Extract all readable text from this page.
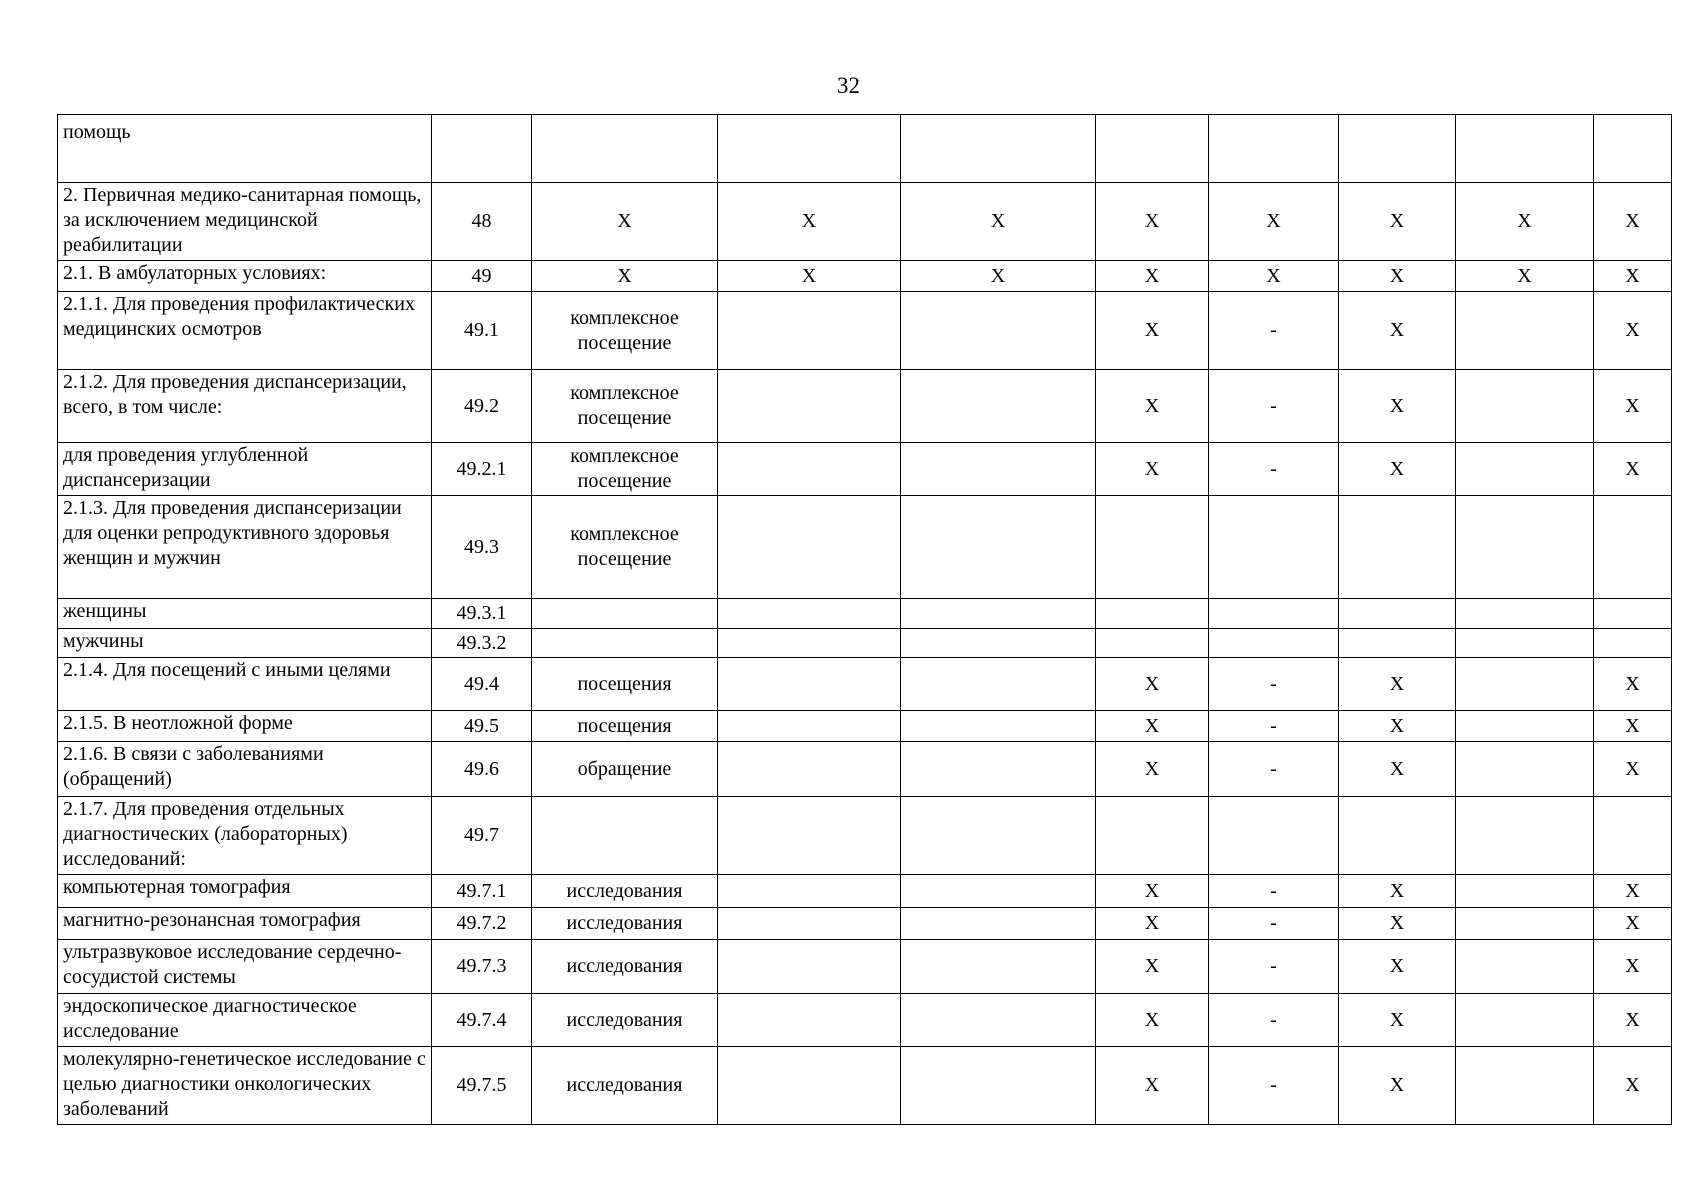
32
помощь									
2. Первичная медико-санитарная помощь, за исключением медицинской реабилитации	48	X	X	X	X	X	X	X	X
2.1. В амбулаторных условиях:	49	X	X	X	X	X	X	X	X
2.1.1. Для проведения профилактических медицинских осмотров	49.1	комплексное посещение			X	-	X		X
2.1.2. Для проведения диспансеризации, всего, в том числе:	49.2	комплексное посещение			X	-	X		X
для проведения углубленной диспансеризации	49.2.1	комплексное посещение			X	-	X		X
2.1.3. Для проведения диспансеризации для оценки репродуктивного здоровья женщин и мужчин	49.3	комплексное посещение							
женщины	49.3.1								
мужчины	49.3.2								
2.1.4. Для посещений с иными целями	49.4	посещения			X	-	X		X
2.1.5. В неотложной форме	49.5	посещения			X	-	X		X
2.1.6. В связи с заболеваниями (обращений)	49.6	обращение			X	-	X		X
2.1.7. Для проведения отдельных диагностических (лабораторных) исследований:	49.7								
компьютерная томография	49.7.1	исследования			X	-	X		X
магнитно-резонансная томография	49.7.2	исследования			X	-	X		X
ультразвуковое исследование сердечно-сосудистой системы	49.7.3	исследования			X	-	X		X
эндоскопическое диагностическое исследование	49.7.4	исследования			X	-	X		X
молекулярно-генетическое исследование с целью диагностики онкологических заболеваний	49.7.5	исследования			X	-	X		X
